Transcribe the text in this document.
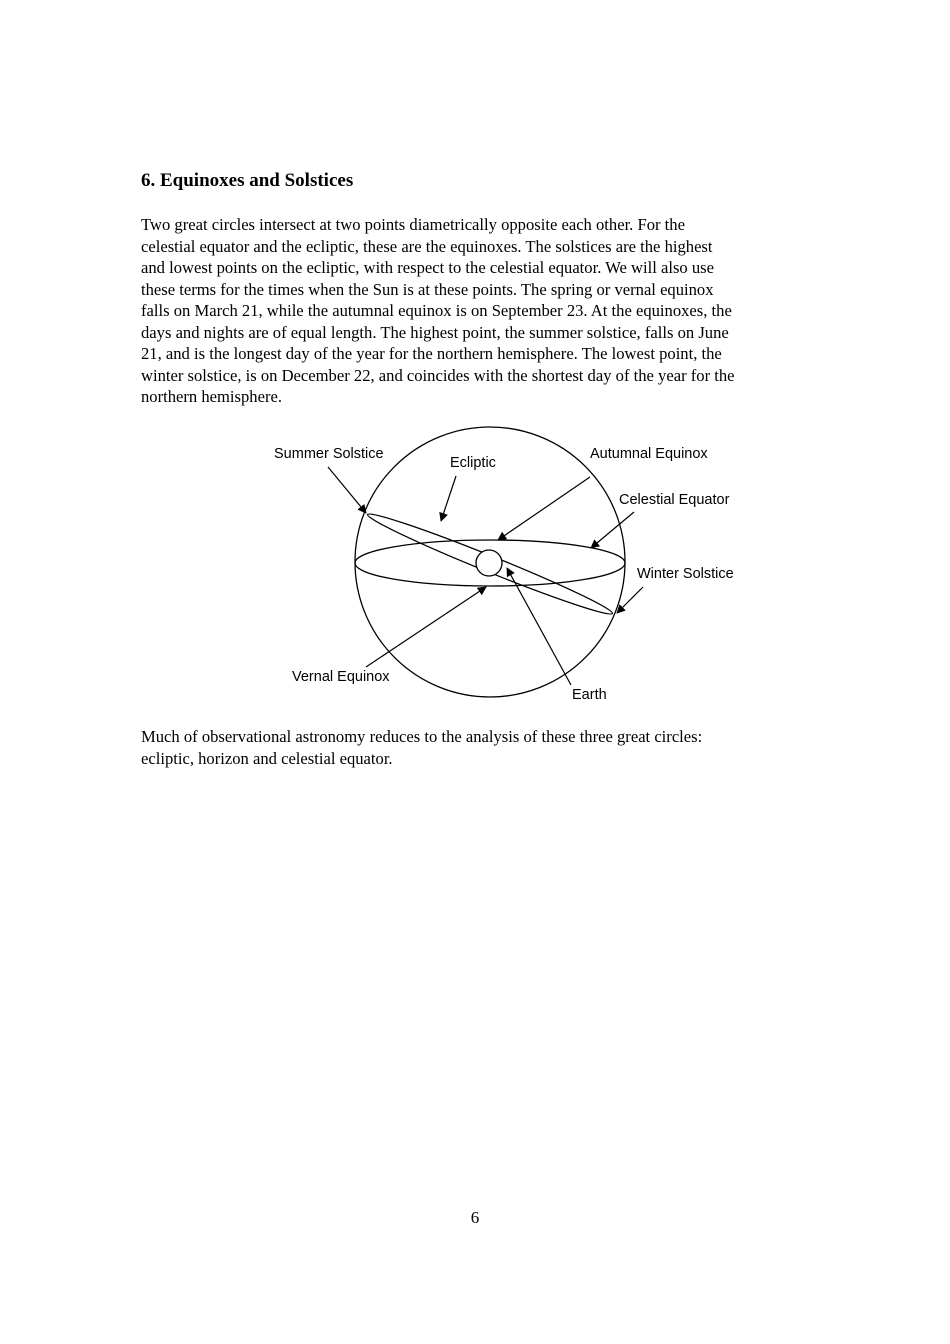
6. Equinoxes and Solstices
Two great circles intersect at two points diametrically opposite each other. For the
celestial equator and the ecliptic, these are the equinoxes. The solstices are the highest
and lowest points on the ecliptic, with respect to the celestial equator. We will also use
these terms for the times when the Sun is at these points. The spring or vernal equinox
falls on March 21, while the autumnal equinox is on September 23. At the equinoxes, the
days and nights are of equal length. The highest point, the summer solstice, falls on June
21, and is the longest day of the year for the northern hemisphere. The lowest point, the
winter solstice, is on December 22, and coincides with the shortest day of the year for the
northern hemisphere.
Summer Solstice
Ecliptic
Autumnal Equinox
Celestial Equator
Winter Solstice
Vernal Equinox
Earth
Much of observational astronomy reduces to the analysis of these three great circles:
ecliptic, horizon and celestial equator.
6
